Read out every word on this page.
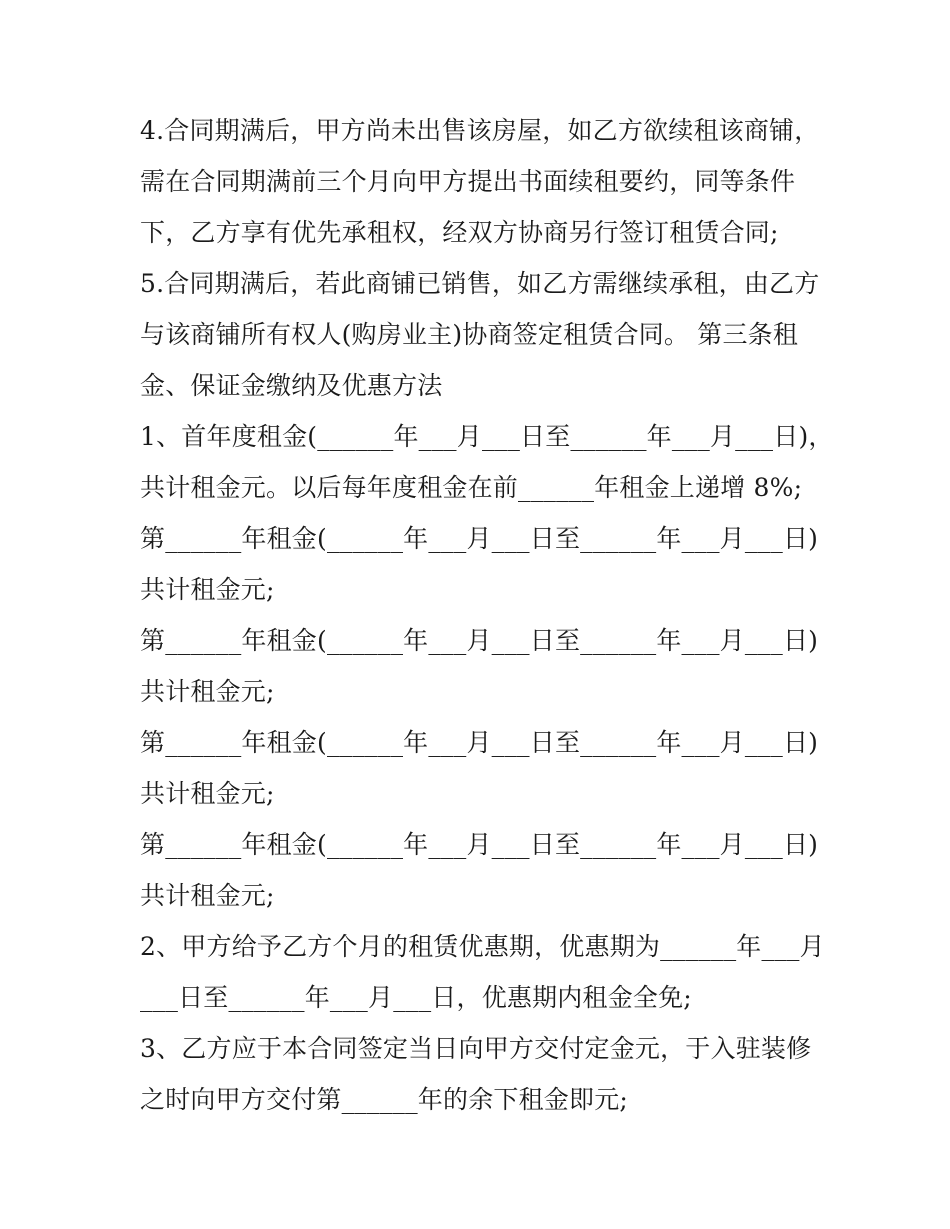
4.合同期满后，甲方尚未出售该房屋，如乙方欲续租该商铺，
需在合同期满前三个月向甲方提出书面续租要约，同等条件
下，乙方享有优先承租权，经双方协商另行签订租赁合同;
5.合同期满后，若此商铺已销售，如乙方需继续承租，由乙方
与该商铺所有权人(购房业主)协商签定租赁合同。 第三条租
金、保证金缴纳及优惠方法
1、首年度租金(______年___月___日至______年___月___日)，
共计租金元。以后每年度租金在前______年租金上递增 8%;
第______年租金(______年___月___日至______年___月___日)
共计租金元;
第______年租金(______年___月___日至______年___月___日)
共计租金元;
第______年租金(______年___月___日至______年___月___日)
共计租金元;
第______年租金(______年___月___日至______年___月___日)
共计租金元;
2、甲方给予乙方个月的租赁优惠期，优惠期为______年___月
___日至______年___月___日，优惠期内租金全免;
3、乙方应于本合同签定当日向甲方交付定金元，于入驻装修
之时向甲方交付第______年的余下租金即元;
